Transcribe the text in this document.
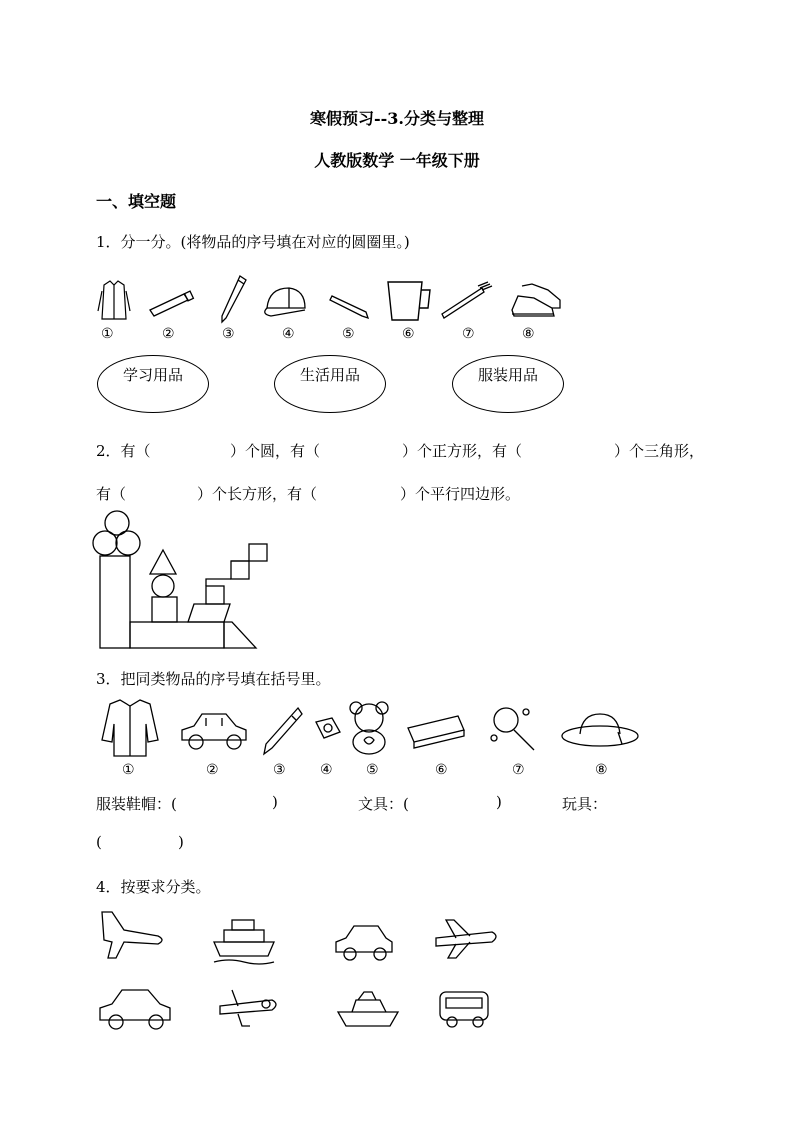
寒假预习--3.分类与整理
人教版数学 一年级下册
一、填空题
1．分一分。(将物品的序号填在对应的圆圈里。)
①	②	③	④	⑤	⑥	⑦	⑧
学习用品	生活用品	服装用品
2．有（	）个圆，有（	）个正方形，有（	）个三角形，
有（	）个长方形，有（	）个平行四边形。
3．把同类物品的序号填在括号里。
①	②	③ ④ ⑤	⑥	⑦	⑧
服装鞋帽：(	)	文具：(	)	玩具：
(	)
4．按要求分类。
